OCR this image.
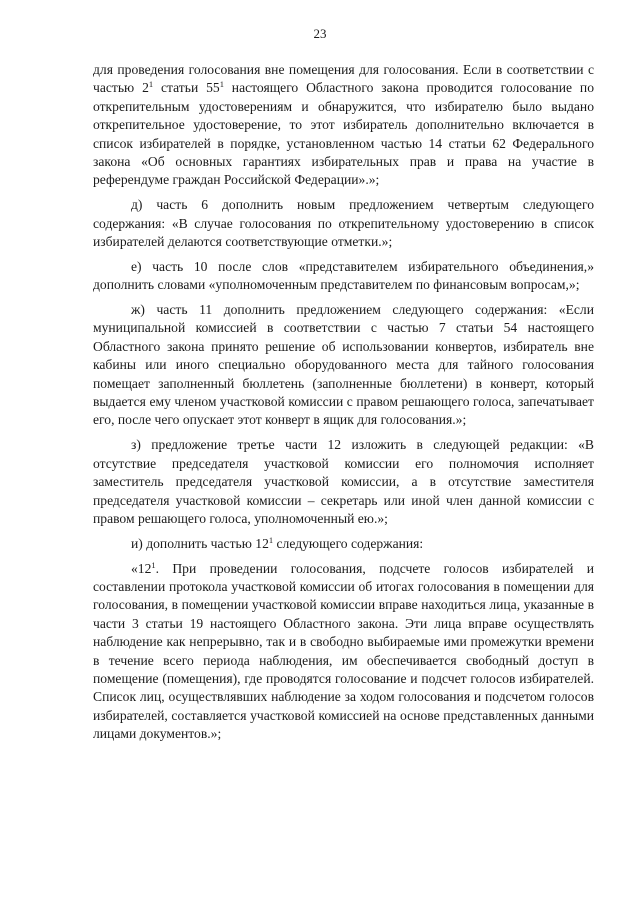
23

для проведения голосования вне помещения для голосования. Если в соответствии с частью $2^1$ статьи $55^1$ настоящего Областного закона проводится голосование по открепительным удостоверениям и обнаружится, что избирателю было выдано открепительное удостоверение, то этот избиратель дополнительно включается в список избирателей в порядке, установленном частью 14 статьи 62 Федерального закона «Об основных гарантиях избирательных прав и права на участие в референдуме граждан Российской Федерации».»;

д) часть 6 дополнить новым предложением четвертым следующего содержания: «В случае голосования по открепительному удостоверению в список избирателей делаются соответствующие отметки.»;

е) часть 10 после слов «представителем избирательного объединения,» дополнить словами «уполномоченным представителем по финансовым вопросам,»;

ж) часть 11 дополнить предложением следующего содержания: «Если муниципальной комиссией в соответствии с частью 7 статьи 54 настоящего Областного закона принято решение об использовании конвертов, избиратель вне кабины или иного специально оборудованного места для тайного голосования помещает заполненный бюллетень (заполненные бюллетени) в конверт, который выдается ему членом участковой комиссии с правом решающего голоса, запечатывает его, после чего опускает этот конверт в ящик для голосования.»;

з) предложение третье части 12 изложить в следующей редакции: «В отсутствие председателя участковой комиссии его полномочия исполняет заместитель председателя участковой комиссии, а в отсутствие заместителя председателя участковой комиссии – секретарь или иной член данной комиссии с правом решающего голоса, уполномоченный ею.»;

и) дополнить частью $12^1$ следующего содержания:

«$12^1$. При проведении голосования, подсчете голосов избирателей и составлении протокола участковой комиссии об итогах голосования в помещении для голосования, в помещении участковой комиссии вправе находиться лица, указанные в части 3 статьи 19 настоящего Областного закона. Эти лица вправе осуществлять наблюдение как непрерывно, так и в свободно выбираемые ими промежутки времени в течение всего периода наблюдения, им обеспечивается свободный доступ в помещение (помещения), где проводятся голосование и подсчет голосов избирателей. Список лиц, осуществлявших наблюдение за ходом голосования и подсчетом голосов избирателей, составляется участковой комиссией на основе представленных данными лицами документов.»;
